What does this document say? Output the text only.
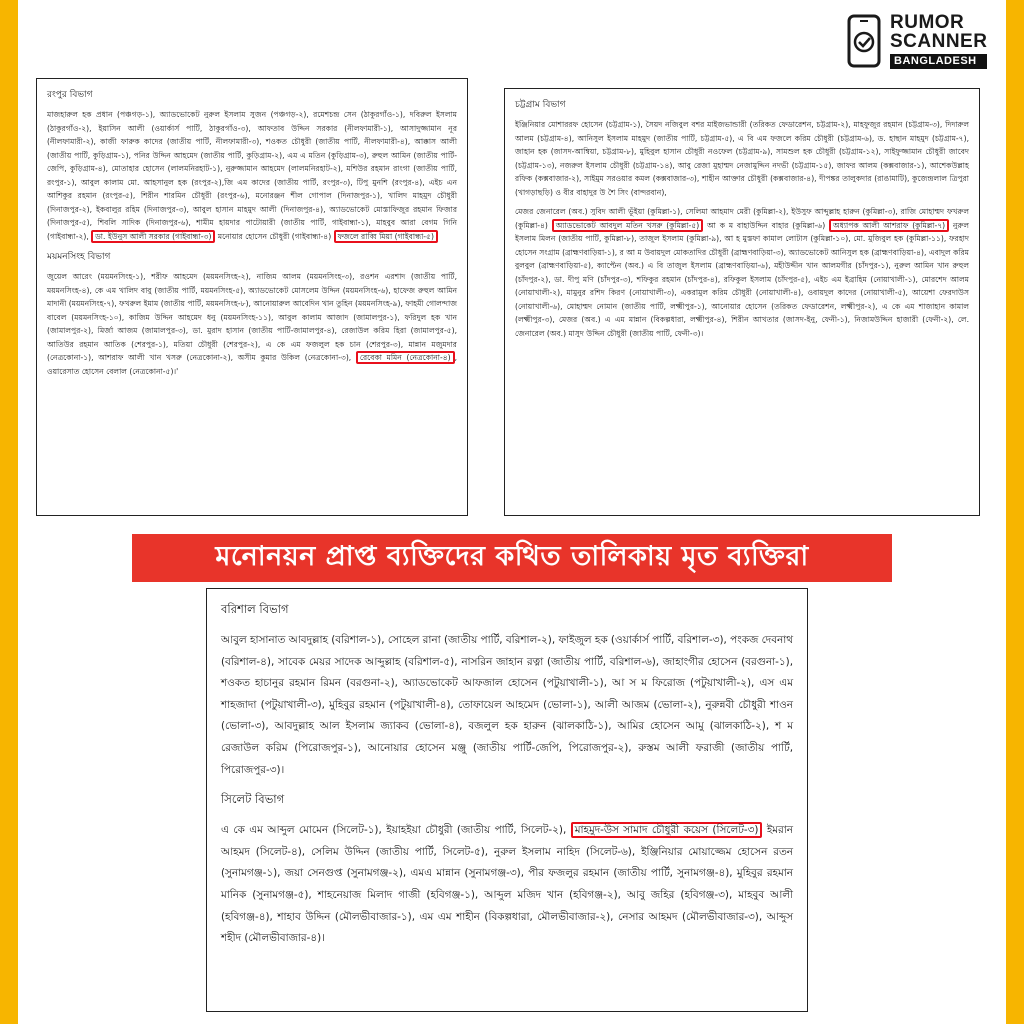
RUMOR
SCANNER
BANGLADESH
রংপুর বিভাগ

মাজহারুল হক প্রধান (পঞ্চগড়-১), অ্যাডভোকেট নুরুল ইসলাম সুজন (পঞ্চগড়-২), রমেশচন্দ্র সেন (ঠাকুরগাঁও-১), দবিরুল ইসলাম (ঠাকুরগাঁও-২), ইয়াসিন আলী (ওয়ার্কার্স পার্টি, ঠাকুরগাঁও-৩), আফতাব উদ্দিন সরকার (নীলফামারী-১), আসাদুজ্জামান নূর (নীলফামারী-২), কাজী ফারুক কাদের (জাতীয় পার্টি, নীলফামারী-৩), শওকত চৌধুরী (জাতীয় পার্টি, নীলফামারী-৪), আক্কাস আলী (জাতীয় পার্টি, কুড়িগ্রাম-১), পনির উদ্দিন আহমেদ (জাতীয় পার্টি, কুড়িগ্রাম-২), এম এ মতিন (কুড়িগ্রাম-৩), রুহুল আমিন (জাতীয় পার্টি-জেপি, কুড়িগ্রাম-৪), মোতাহার হোসেন (লালমনিরহাট-১), নুরুজ্জামান আহমেদ (লালমনিরহাট-২), মশিউর রহমান রাংগা (জাতীয় পার্টি, রংপুর-১), আবুল কালাম মো. আহসানুল হক (রংপুর-২),জি এম কাদের (জাতীয় পার্টি, রংপুর-৩), টিপু মুনশি (রংপুর-৪), এইচ এন আশিকুর রহমান (রংপুর-৫), শিরীন শারমিন চৌধুরী (রংপুর-৬), মনোরঞ্জন শীল গোপাল (দিনাজপুর-১), খালিদ মাহমুদ চৌধুরী (দিনাজপুর-২), ইকবালুর রহিম (দিনাজপুর-৩), আবুল হাসান মাহমুদ আলী (দিনাজপুর-৪), অ্যাডভোকেট মোস্তাফিজুর রহমান ফিজার (দিনাজপুর-৫), শিবলি সাদিক (দিনাজপুর-৬), শামীম হায়দার পাটোয়ারী (জাতীয় পার্টি, গাইবান্ধা-১), মাহবুব আরা বেগম গিনি (গাইবান্ধা-২), ডা. ইউনুস আলী সরকার (গাইবান্ধা-৩) মনোয়ার হোসেন চৌধুরী (গাইবান্ধা-৪) ফজলে রাব্বি মিয়া (গাইবান্ধা-৫)

ময়মনসিংহ বিভাগ

জুয়েল আরেং (ময়মনসিংহ-১), শরীফ আহমেদ (ময়মনসিংহ-২), নাজিম আলম (ময়মনসিংহ-৩), রওশন এরশাদ (জাতীয় পার্টি, ময়মনসিংহ-৪), কে এম খালিদ বাবু (জাতীয় পার্টি, ময়মনসিংহ-৫), অ্যাডভোকেট মোসলেম উদ্দিন (ময়মনসিংহ-৬), হাফেজ রুহুল আমিন মাদানী (ময়মনসিংহ-৭), ফখরুল ইমাম (জাতীয় পার্টি, ময়মনসিংহ-৮), আনোয়ারুল আবেদিন খান তুহিন (ময়মনসিংহ-৯), ফাহমী গোলন্দাজ বাবেল (ময়মনসিংহ-১০), কাজিম উদ্দিন আহমেদ ধনু (ময়মনসিংহ-১১), আবুল কালাম আজাদ (জামালপুর-১), ফরিদুল হক খান (জামালপুর-২), মির্জা আজম (জামালপুর-৩), ডা. মুরাদ হাসান (জাতীয় পার্টি-জামালপুর-৪), রেজাউল করিম হিরা (জামালপুর-৫), আতিউর রহমান আতিক (শেরপুর-১), মতিয়া চৌধুরী (শেরপুর-২), এ কে এম ফজলুল হক চান (শেরপুর-৩), মান্নান মজুমদার (নেত্রকোনা-১), আশরাফ আলী খান খসরু (নেত্রকোনা-২), অসীম কুমার উকিল (নেত্রকোনা-৩), রেবেকা মমিন (নেত্রকোনা-৪) , ওয়ারেসাত হোসেন বেলাল (নেত্রকোনা-৫)।'

চট্টগ্রাম বিভাগ

ইঞ্জিনিয়ার মোশাররফ হোসেন (চট্টগ্রাম-১), সৈয়দ নজিবুল বশর মাইজভান্ডারী (তরিকত ফেডারেশন, চট্টগ্রাম-২), মাহফুজুর রহমান (চট্টগ্রাম-৩), দিদারুল আলম (চট্টগ্রাম-৪), আনিসুল ইসলাম মাহমুদ (জাতীয় পার্টি, চট্টগ্রাম-৫), এ বি এম ফজলে করিম চৌধুরী (চট্টগ্রাম-৬), ড. হাছান মাহমুদ (চট্টগ্রাম-৭), জাহান হক (জাসদ-আম্বিয়া, চট্টগ্রাম-৮), মুহিবুল হাসান চৌধুরী নওফেল (চট্টগ্রাম-৯), সামশুল হক চৌধুরী (চট্টগ্রাম-১২), সাইফুজ্জামান চৌধুরী জাবেদ (চট্টগ্রাম-১৩), নজরুল ইসলাম চৌধুরী (চট্টগ্রাম-১৪), আবু রেজা মুহাম্মদ নেজামুদ্দিন নদভী (চট্টগ্রাম-১৫), জাফর আলম (কক্সবাজার-১), আশেকউল্লাহ রফিক (কক্সবাজার-২), সাইমুম সরওয়ার কমল (কক্সবাজার-৩), শাহীন আক্তার চৌধুরী (কক্সবাজার-৪), দীপঙ্কর তালুকদার (রাঙামাটি), কুজেন্দ্রলাল ত্রিপুরা (খাগড়াছড়ি) ও বীর বাহাদুর উ শৈ সিং (বান্দরবান),

মেজর জেনারেল (অব.) সুবিদ আলী ভূঁইয়া (কুমিল্লা-১), সেলিমা আহমাদ মেরী (কুমিল্লা-২), ইউসুফ আব্দুল্লাহ হারুন (কুমিল্লা-৩), রাজি মোহাম্মদ ফখরুল (কুমিল্লা-৪) অ্যাডভোকেট আবদুল মতিন খসরু (কুমিল্লা-৫) আ ক ম বাহাউদ্দিন বাহার (কুমিল্লা-৬) অধ্যাপক আলী আশরাফ (কুমিল্লা-৭) নুরুল ইসলাম মিলন (জাতীয় পার্টি, কুমিল্লা-৮), তাজুল ইসলাম (কুমিল্লা-৯), আ হ মুস্তফা কামাল লোটাস (কুমিল্লা-১০), মো. মুজিবুল হক (কুমিল্লা-১১), ফরহাদ হোসেন সংগ্রাম (ব্রাহ্মণবাড়িয়া-১), র আ ম উবায়দুল মোকতাদির চৌধুরী (ব্রাহ্মণবাড়িয়া-৩), অ্যাডভোকেট আনিসুল হক (ব্রাহ্মণবাড়িয়া-৪), এবাদুল করিম বুলবুল (ব্রাহ্মণবাড়িয়া-৫), ক্যাপ্টেন (অব.) এ বি তাজুল ইসলাম (ব্রাহ্মণবাড়িয়া-৬), মহীউদ্দীন খান আলমগীর (চাঁদপুর-১), নুরুল আমিন খান রুহুল (চাঁদপুর-২), ডা. দীপু মণি (চাঁদপুর-৩), শফিকুর রহমান (চাঁদপুর-৪), রফিকুল ইসলাম (চাঁদপুর-৫), এইচ এম ইব্রাহিম (নোয়াখালী-১), মোরশেদ আলম (নোয়াখালী-২), মামুনুর রশিদ কিরণ (নোয়াখালী-৩), একরামুল করিম চৌধুরী (নোয়াখালী-৪), ওবায়দুল কাদের (নোয়াখালী-৫), আয়েশা ফেরদাউস (নোয়াখালী-৬), মোহাম্মদ নোমান (জাতীয় পার্টি, লক্ষ্মীপুর-১), আনোয়ার হোসেন (তরিকত ফেডারেশন, লক্ষ্মীপুর-২), এ কে এম শাজাহান কামাল (লক্ষ্মীপুর-৩), মেজর (অব.) এ এম মান্নান (বিকল্পধারা, লক্ষ্মীপুর-৪), শিরীন আখতার (জাসদ-ইনু, ফেনী-১), নিজামউদ্দিন হাজারী (ফেনী-২), লে. জেনারেল (অব.) মাসুদ উদ্দিন চৌধুরী (জাতীয় পার্টি, ফেনী-৩)।

মনোনয়ন প্রাপ্ত ব্যক্তিদের কথিত তালিকায় মৃত ব্যক্তিরা
বরিশাল বিভাগ

আবুল হাসানাত আবদুল্লাহ (বরিশাল-১), সোহেল রানা (জাতীয় পার্টি, বরিশাল-২), ফাইজুল হক (ওয়ার্কার্স পার্টি, বরিশাল-৩), পংকজ দেবনাথ (বরিশাল-৪), সাবেক মেয়র সাদেক আব্দুল্লাহ (বরিশাল-৫), নাসরিন জাহান রত্না (জাতীয় পার্টি, বরিশাল-৬), জাহাংগীর হোসেন (বরগুনা-১), শওকত হাচানুর রহমান রিমন (বরগুনা-২), অ্যাডভোকেট আফজাল হোসেন (পটুয়াখালী-১), আ স ম ফিরোজ (পটুয়াখালী-২), এস এম শাহজাদা (পটুয়াখালী-৩), মুহিবুর রহমান (পটুয়াখালী-৪), তোফায়েল আহমেদ (ভোলা-১), আলী আজম (ভোলা-২), নুরুন্নবী চৌধুরী শাওন (ভোলা-৩), আবদুল্লাহ আল ইসলাম জ্যাকব (ভোলা-৪), বজলুল হক হারুন (ঝালকাঠি-১), আমির হোসেন আমু (ঝালকাঠি-২), শ ম রেজাউল করিম (পিরোজপুর-১), আনোয়ার হোসেন মঞ্জু (জাতীয় পার্টি-জেপি, পিরোজপুর-২), রুস্তম আলী ফরাজী (জাতীয় পার্টি, পিরোজপুর-৩)।

সিলেট বিভাগ

এ কে এম আব্দুল মোমেন (সিলেট-১), ইয়াহইয়া চৌধুরী (জাতীয় পার্টি, সিলেট-২), মাহমুদ-উস সামাদ চৌধুরী কয়েস (সিলেট-৩) ইমরান আহমদ (সিলেট-৪), সেলিম উদ্দিন (জাতীয় পার্টি, সিলেট-৫), নুরুল ইসলাম নাহিদ (সিলেট-৬), ইঞ্জিনিয়ার মোয়াজ্জেম হোসেন রতন (সুনামগঞ্জ-১), জয়া সেনগুপ্ত (সুনামগঞ্জ-২), এমএ মান্নান (সুনামগঞ্জ-৩), পীর ফজলুর রহমান (জাতীয় পার্টি, সুনামগঞ্জ-৪), মুহিবুর রহমান মানিক (সুনামগঞ্জ-৫), শাহনেয়াজ মিলাদ গাজী (হবিগঞ্জ-১), আব্দুল মজিদ খান (হবিগঞ্জ-২), আবু জহির (হবিগঞ্জ-৩), মাহবুব আলী (হবিগঞ্জ-৪), শাহাব উদ্দিন (মৌলভীবাজার-১), এম এম শাহীন (বিকল্পধারা, মৌলভীবাজার-২), নেসার আহমদ (মৌলভীবাজার-৩), আব্দুস শহীদ (মৌলভীবাজার-৪)।
